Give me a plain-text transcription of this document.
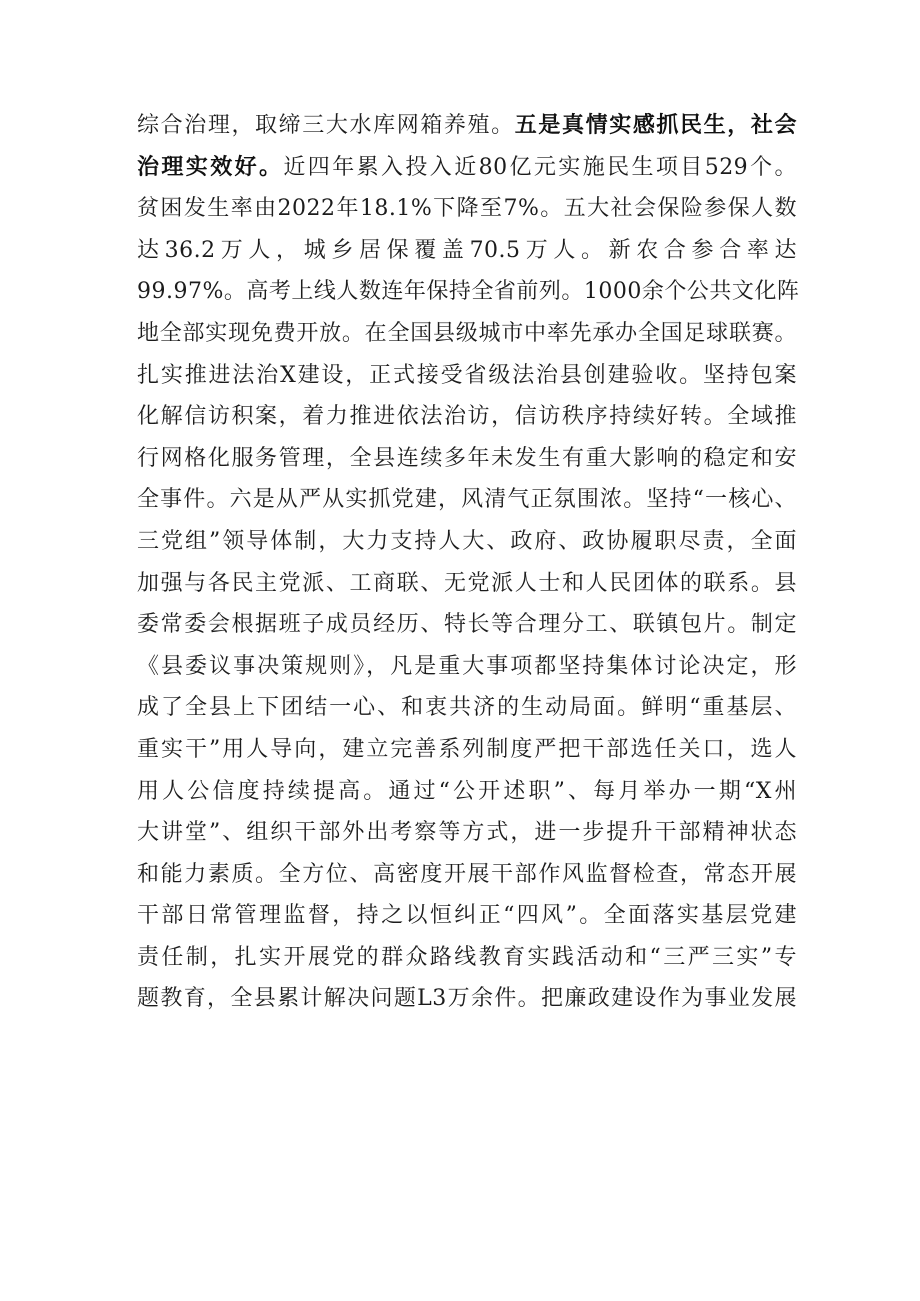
综合治理，取缔三大水库网箱养殖。五是真情实感抓民生，社会
治理实效好。近四年累入投入近80亿元实施民生项目529个。
贫困发生率由2022年18.1%下降至7%。五大社会保险参保人数
达36.2万人，城乡居保覆盖70.5万人。新农合参合率达
99.97%。高考上线人数连年保持全省前列。1000余个公共文化阵
地全部实现免费开放。在全国县级城市中率先承办全国足球联赛。
扎实推进法治X建设，正式接受省级法治县创建验收。坚持包案
化解信访积案，着力推进依法治访，信访秩序持续好转。全域推
行网格化服务管理，全县连续多年未发生有重大影响的稳定和安
全事件。六是从严从实抓党建，风清气正氛围浓。坚持“一核心、
三党组”领导体制，大力支持人大、政府、政协履职尽责，全面
加强与各民主党派、工商联、无党派人士和人民团体的联系。县
委常委会根据班子成员经历、特长等合理分工、联镇包片。制定
《县委议事决策规则》，凡是重大事项都坚持集体讨论决定，形
成了全县上下团结一心、和衷共济的生动局面。鲜明“重基层、
重实干”用人导向，建立完善系列制度严把干部选任关口，选人
用人公信度持续提高。通过“公开述职”、每月举办一期“X州
大讲堂”、组织干部外出考察等方式，进一步提升干部精神状态
和能力素质。全方位、高密度开展干部作风监督检查，常态开展
干部日常管理监督，持之以恒纠正“四风”。全面落实基层党建
责任制，扎实开展党的群众路线教育实践活动和“三严三实”专
题教育，全县累计解决问题L3万余件。把廉政建设作为事业发展
